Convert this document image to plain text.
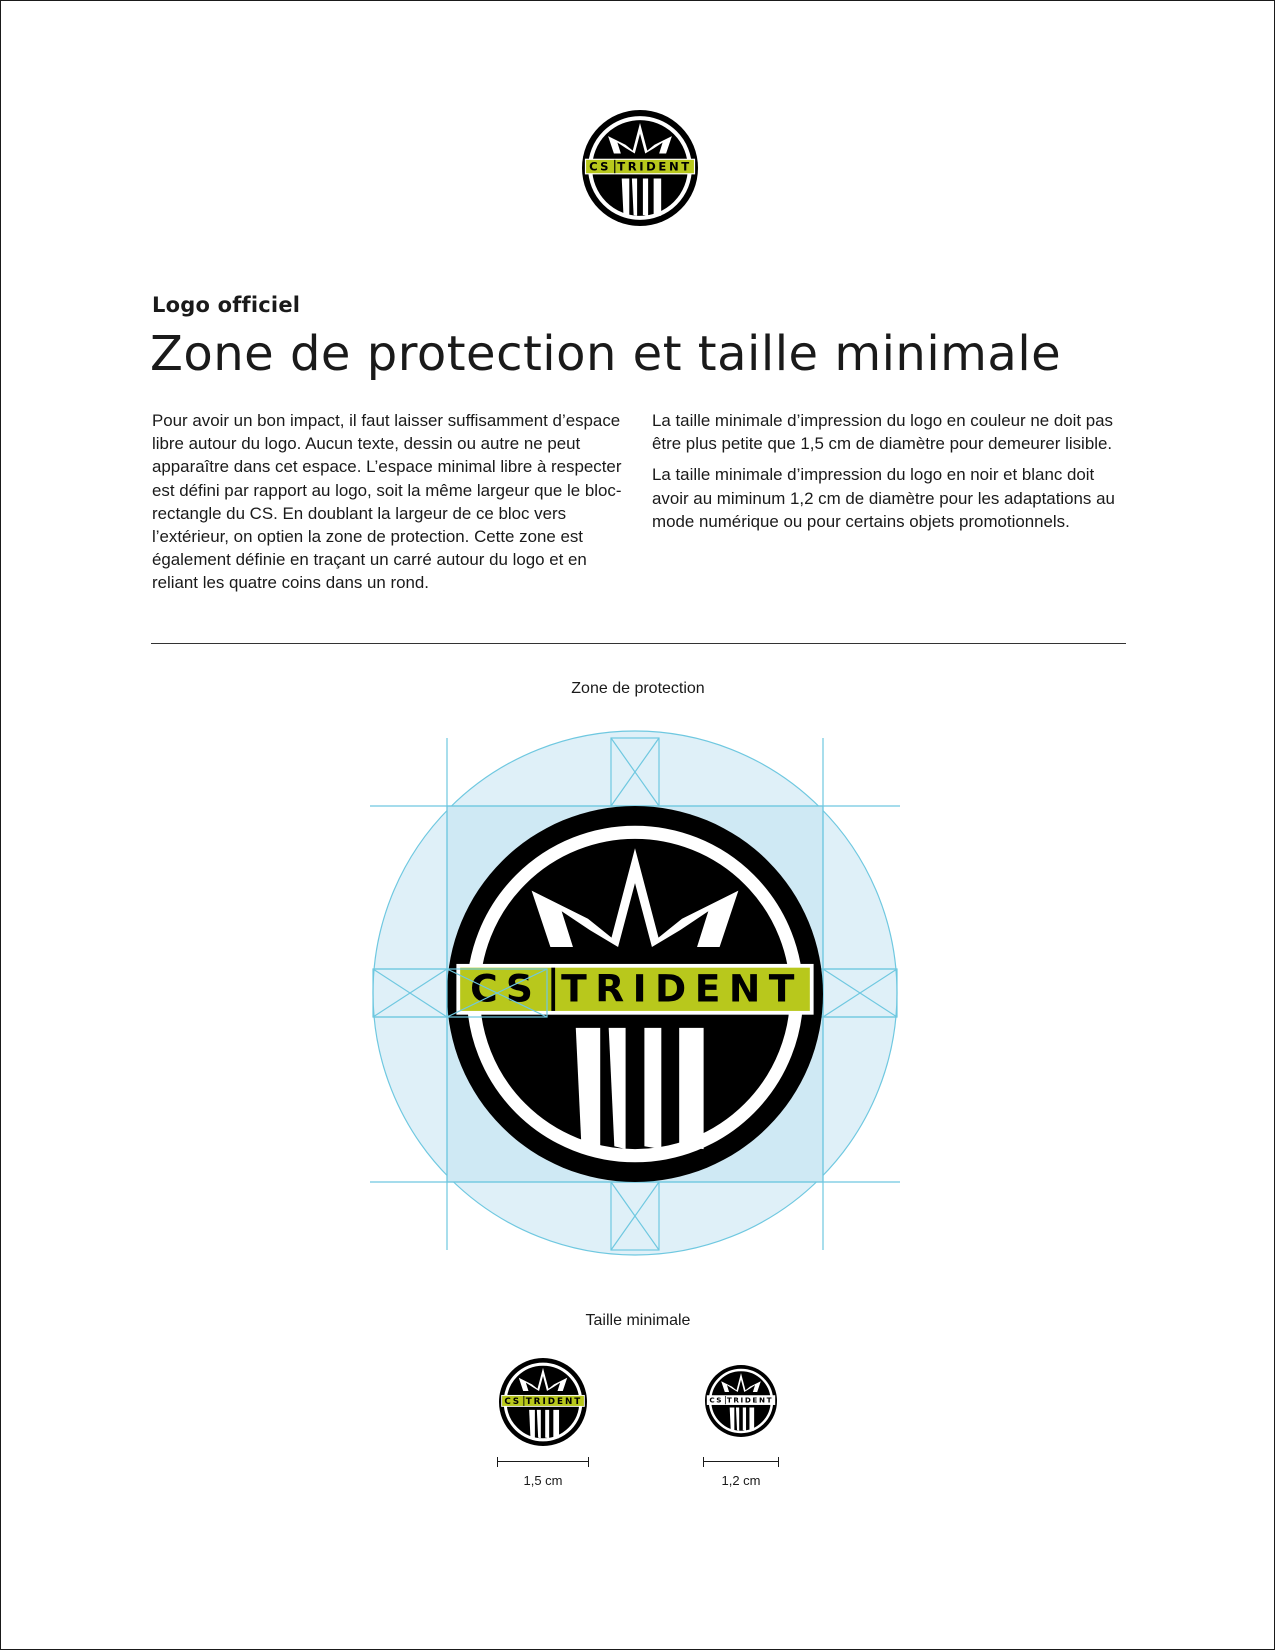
CS TRIDENT
Logo officiel
Zone de protection et taille minimale

Pour avoir un bon impact, il faut laisser suffisamment d’espace libre autour du logo. Aucun texte, dessin ou autre ne peut apparaître dans cet espace. L’espace minimal libre à respecter est défini par rapport au logo, soit la même largeur que le bloc-rectangle du CS. En doublant la largeur de ce bloc vers l’extérieur, on optien la zone de protection. Cette zone est également définie en traçant un carré autour du logo et en reliant les quatre coins dans un rond.

La taille minimale d’impression du logo en couleur ne doit pas être plus petite que 1,5 cm de diamètre pour demeurer lisible.

La taille minimale d’impression du logo en noir et blanc doit avoir au miminum 1,2 cm de diamètre pour les adaptations au mode numérique ou pour certains objets promotionnels.

Zone de protection
CS TRIDENT
Taille minimale
CS TRIDENT	CS TRIDENT
1,5 cm	1,2 cm
